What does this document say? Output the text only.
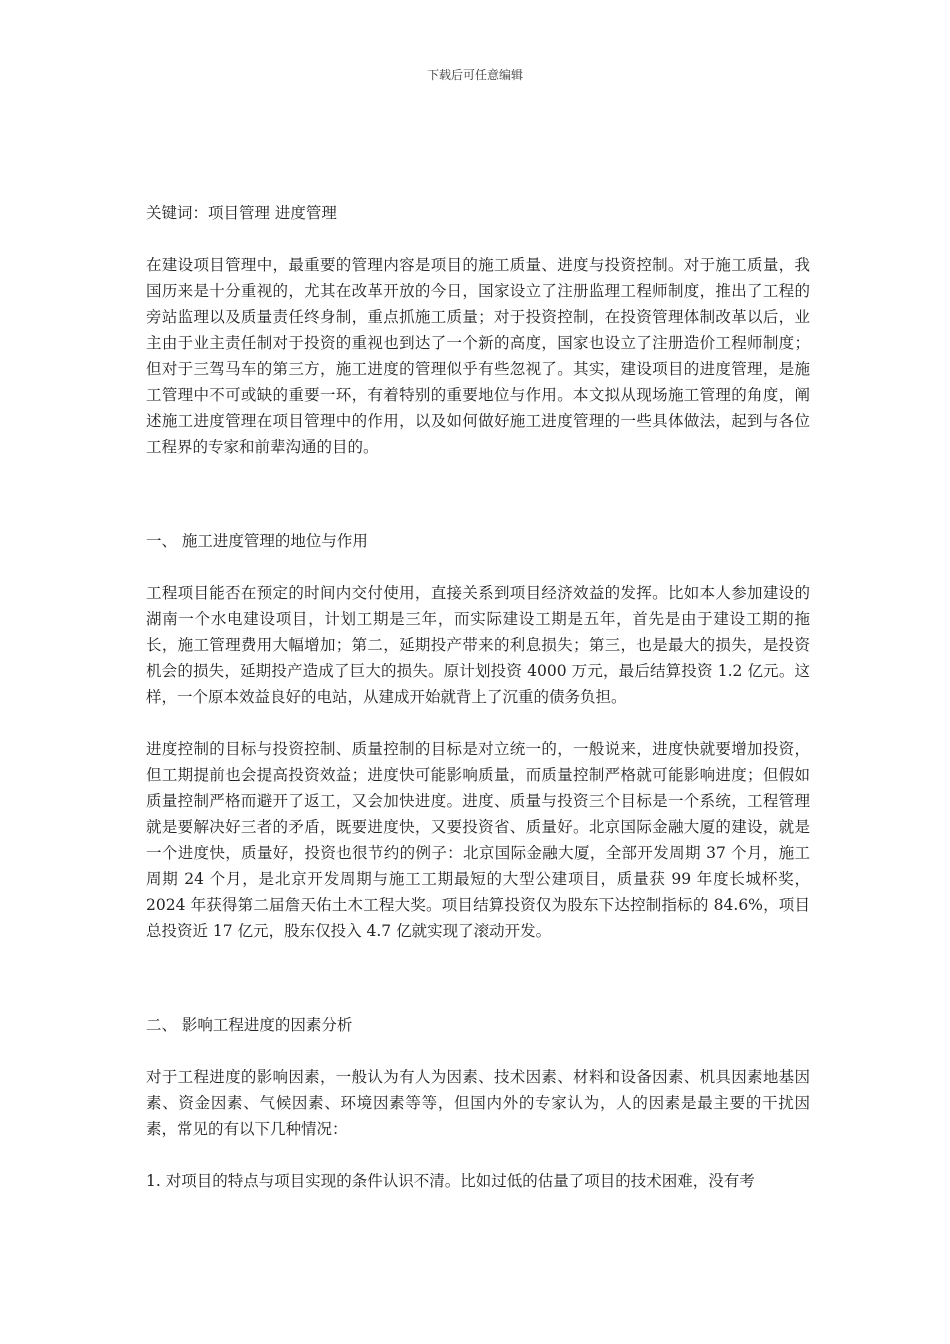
下载后可任意编辑

关键词：项目管理 进度管理

在建设项目管理中，最重要的管理内容是项目的施工质量、进度与投资控制。对于施工质量，我国历来是十分重视的，尤其在改革开放的今日，国家设立了注册监理工程师制度，推出了工程的旁站监理以及质量责任终身制，重点抓施工质量；对于投资控制，在投资管理体制改革以后，业主由于业主责任制对于投资的重视也到达了一个新的高度，国家也设立了注册造价工程师制度；但对于三驾马车的第三方，施工进度的管理似乎有些忽视了。其实，建设项目的进度管理，是施工管理中不可或缺的重要一环，有着特别的重要地位与作用。本文拟从现场施工管理的角度，阐述施工进度管理在项目管理中的作用，以及如何做好施工进度管理的一些具体做法，起到与各位工程界的专家和前辈沟通的目的。

一、 施工进度管理的地位与作用

工程项目能否在预定的时间内交付使用，直接关系到项目经济效益的发挥。比如本人参加建设的湖南一个水电建设项目，计划工期是三年，而实际建设工期是五年，首先是由于建设工期的拖长，施工管理费用大幅增加；第二，延期投产带来的利息损失；第三，也是最大的损失，是投资机会的损失，延期投产造成了巨大的损失。原计划投资 4000 万元，最后结算投资 1.2 亿元。这样，一个原本效益良好的电站，从建成开始就背上了沉重的债务负担。

进度控制的目标与投资控制、质量控制的目标是对立统一的，一般说来，进度快就要增加投资，但工期提前也会提高投资效益；进度快可能影响质量，而质量控制严格就可能影响进度；但假如质量控制严格而避开了返工，又会加快进度。进度、质量与投资三个目标是一个系统，工程管理就是要解决好三者的矛盾，既要进度快，又要投资省、质量好。北京国际金融大厦的建设，就是一个进度快，质量好，投资也很节约的例子：北京国际金融大厦，全部开发周期 37 个月，施工周期 24 个月，是北京开发周期与施工工期最短的大型公建项目，质量获 99 年度长城杯奖， 2024 年获得第二届詹天佑土木工程大奖。项目结算投资仅为股东下达控制指标的 84.6%，项目总投资近 17 亿元，股东仅投入 4.7 亿就实现了滚动开发。

二、 影响工程进度的因素分析

对于工程进度的影响因素，一般认为有人为因素、技术因素、材料和设备因素、机具因素地基因素、资金因素、气候因素、环境因素等等，但国内外的专家认为，人的因素是最主要的干扰因素，常见的有以下几种情况：

1. 对项目的特点与项目实现的条件认识不清。比如过低的估量了项目的技术困难，没有考
